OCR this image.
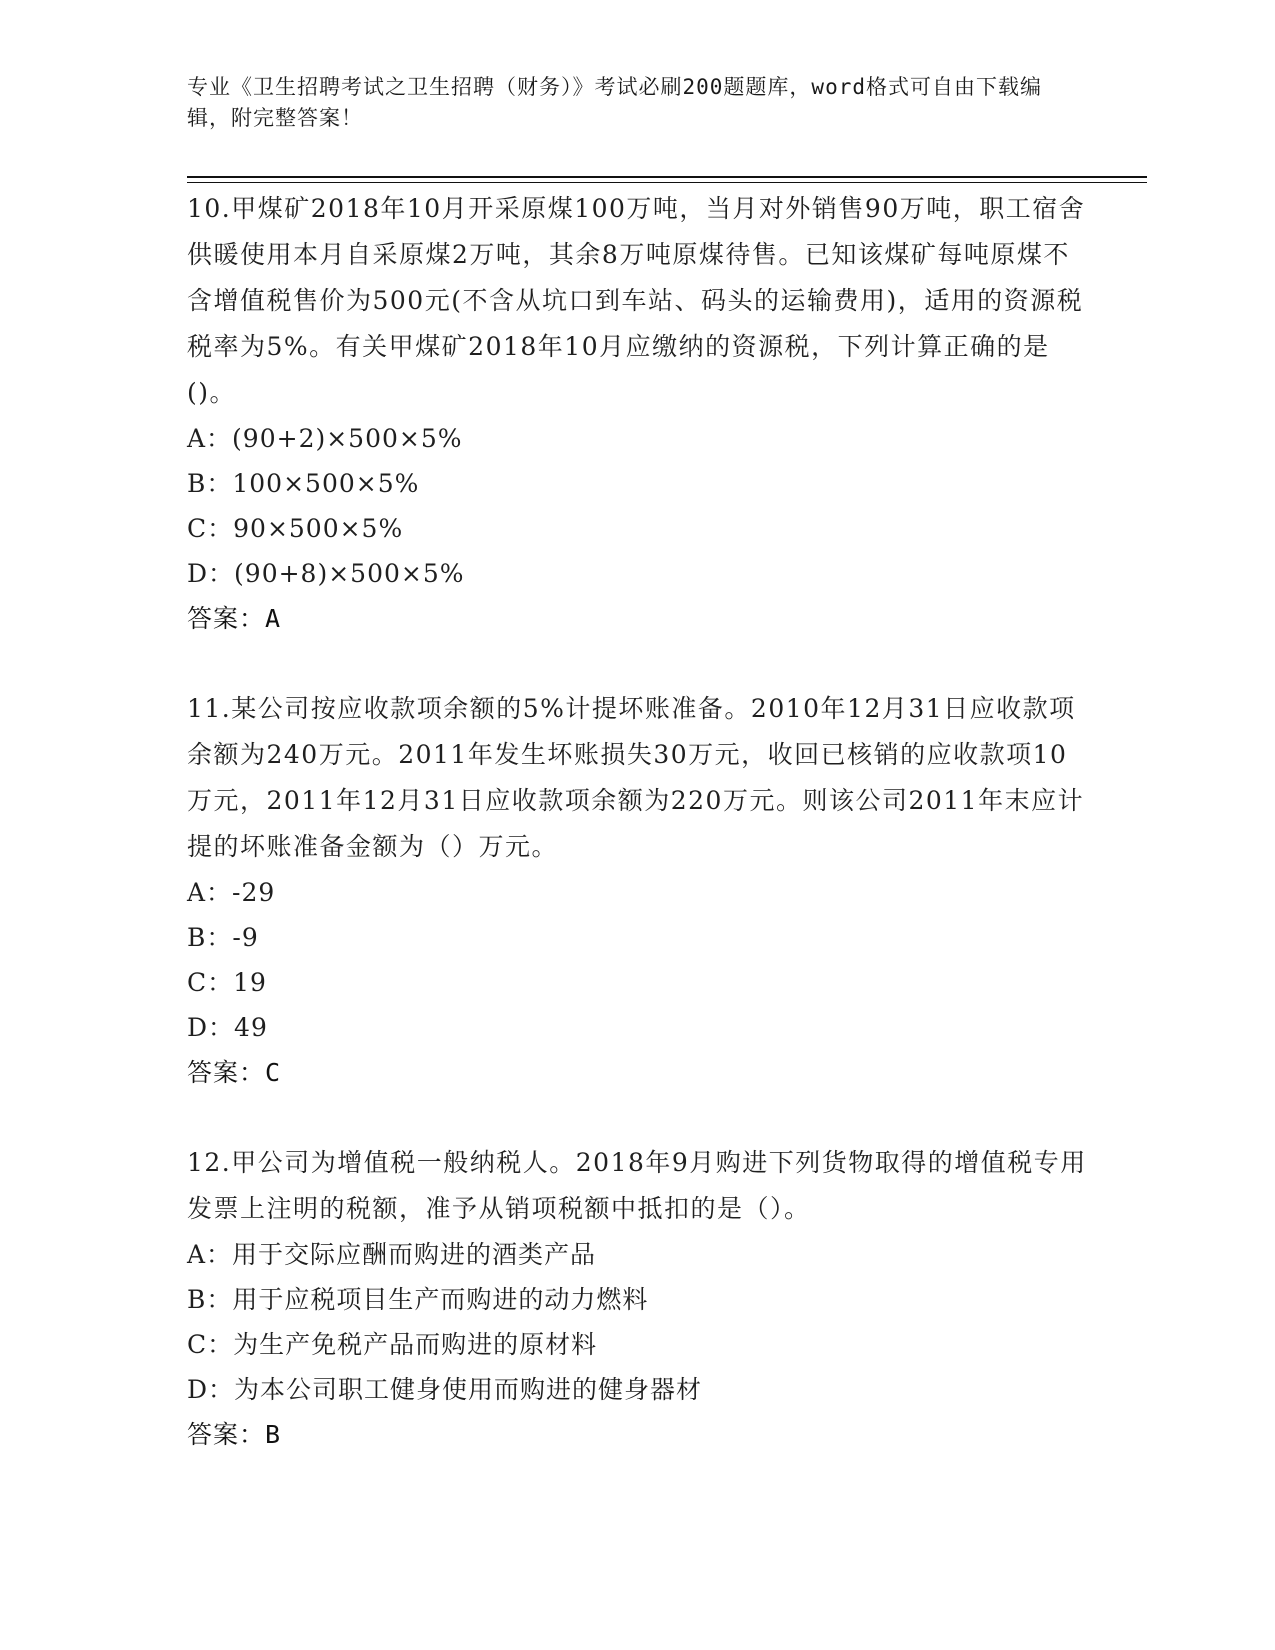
专业《卫生招聘考试之卫生招聘（财务）》考试必刷200题题库，word格式可自由下载编辑，附完整答案！

10.甲煤矿2018年10月开采原煤100万吨，当月对外销售90万吨，职工宿舍供暖使用本月自采原煤2万吨，其余8万吨原煤待售。已知该煤矿每吨原煤不含增值税售价为500元(不含从坑口到车站、码头的运输费用)，适用的资源税税率为5%。有关甲煤矿2018年10月应缴纳的资源税，下列计算正确的是()。

A：(90+2)×500×5%

B：100×500×5%

C：90×500×5%

D：(90+8)×500×5%

答案：A

11.某公司按应收款项余额的5%计提坏账准备。2010年12月31日应收款项余额为240万元。2011年发生坏账损失30万元，收回已核销的应收款项10万元，2011年12月31日应收款项余额为220万元。则该公司2011年末应计提的坏账准备金额为（）万元。

A：-29

B：-9

C：19

D：49

答案：C

12.甲公司为增值税一般纳税人。2018年9月购进下列货物取得的增值税专用发票上注明的税额，准予从销项税额中抵扣的是（）。

A：用于交际应酬而购进的酒类产品

B：用于应税项目生产而购进的动力燃料

C：为生产免税产品而购进的原材料

D：为本公司职工健身使用而购进的健身器材

答案：B
